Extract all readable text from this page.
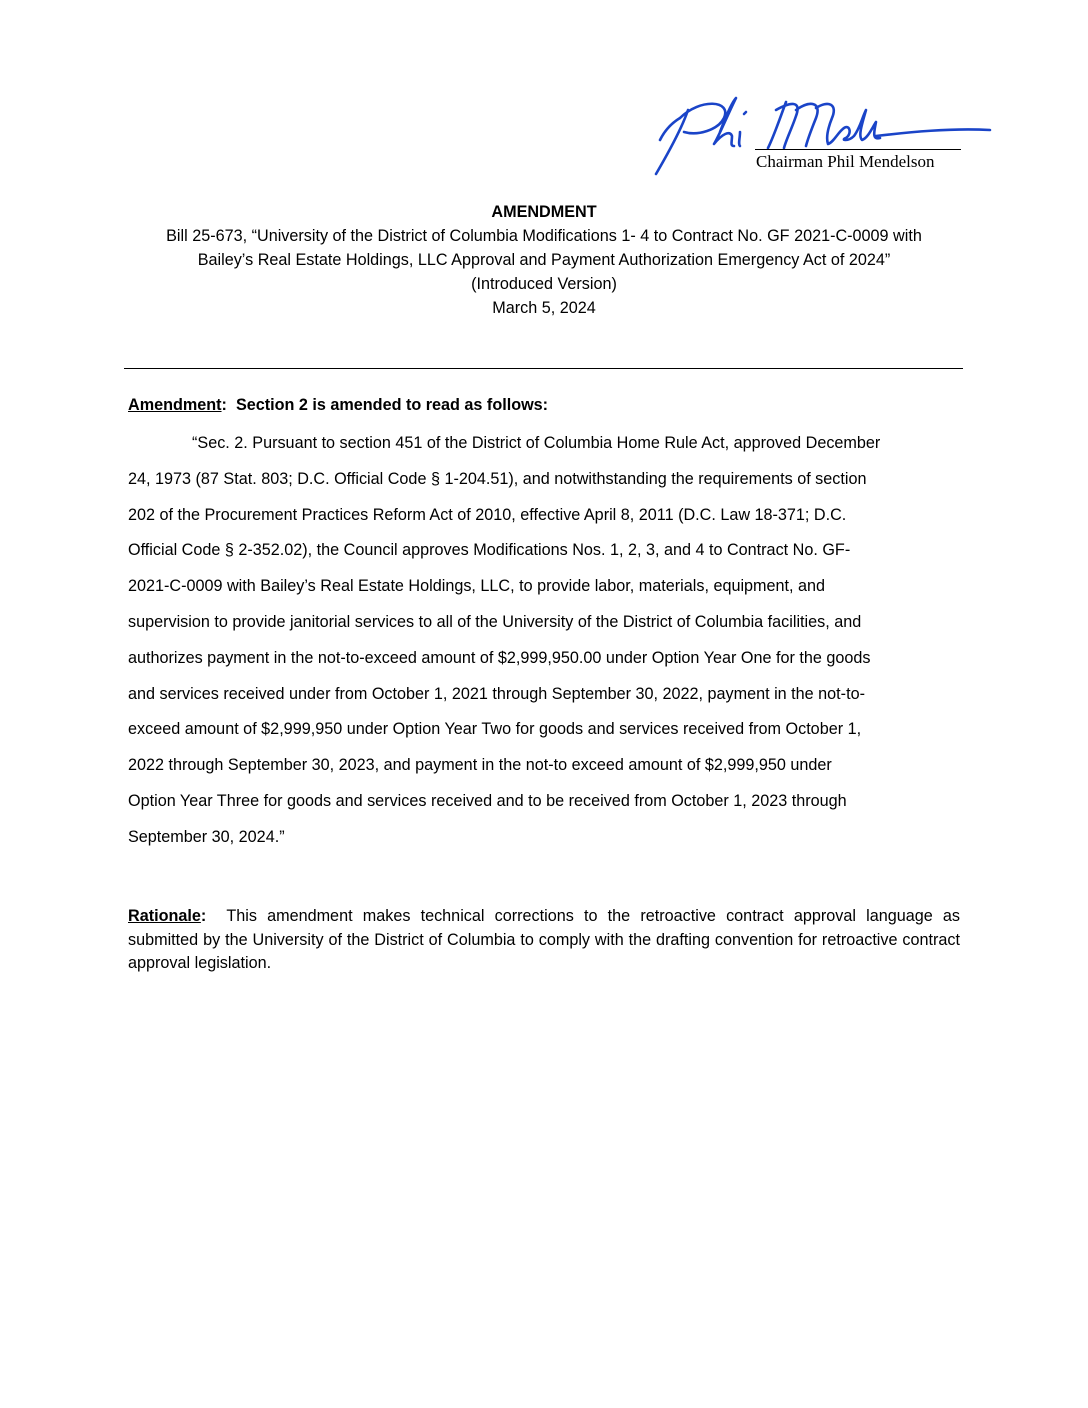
Chairman Phil Mendelson
AMENDMENT
Bill 25-673, “University of the District of Columbia Modifications 1- 4 to Contract No. GF 2021-C-0009 with
Bailey’s Real Estate Holdings, LLC Approval and Payment Authorization Emergency Act of 2024”
(Introduced Version)
March 5, 2024
Amendment:  Section 2 is amended to read as follows:
“Sec. 2. Pursuant to section 451 of the District of Columbia Home Rule Act, approved December
24, 1973 (87 Stat. 803; D.C. Official Code § 1-204.51), and notwithstanding the requirements of section
202 of the Procurement Practices Reform Act of 2010, effective April 8, 2011 (D.C. Law 18-371; D.C.
Official Code § 2-352.02), the Council approves Modifications Nos. 1, 2, 3, and 4 to Contract No. GF-
2021-C-0009 with Bailey’s Real Estate Holdings, LLC, to provide labor, materials, equipment, and
supervision to provide janitorial services to all of the University of the District of Columbia facilities, and
authorizes payment in the not-to-exceed amount of $2,999,950.00 under Option Year One for the goods
and services received under from October 1, 2021 through September 30, 2022, payment in the not-to-
exceed amount of $2,999,950 under Option Year Two for goods and services received from October 1,
2022 through September 30, 2023, and payment in the not-to exceed amount of $2,999,950 under
Option Year Three for goods and services received and to be received from October 1, 2023 through
September 30, 2024.”
Rationale: This amendment makes technical corrections to the retroactive contract approval language as submitted by the University of the District of Columbia to comply with the drafting convention for retroactive contract approval legislation.
